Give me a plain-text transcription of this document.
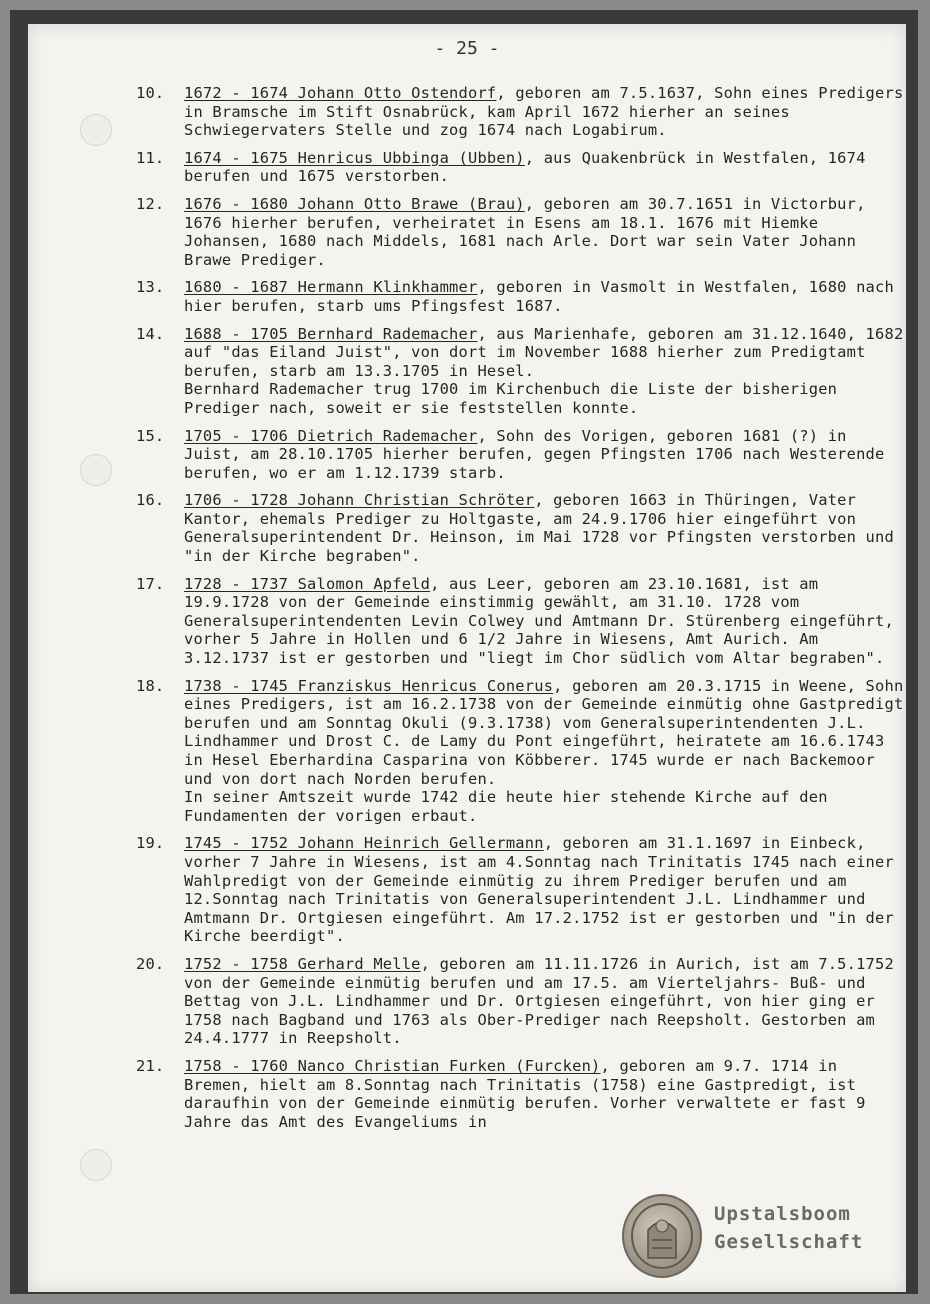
- 25 -
10. 1672 - 1674 Johann Otto Ostendorf, geboren am 7.5.1637, Sohn eines Predigers in Bramsche im Stift Osnabrück, kam April 1672 hierher an seines Schwiegervaters Stelle und zog 1674 nach Logabirum.

11. 1674 - 1675 Henricus Ubbinga (Ubben), aus Quakenbrück in Westfalen, 1674 berufen und 1675 verstorben.

12. 1676 - 1680 Johann Otto Brawe (Brau), geboren am 30.7.1651 in Victorbur, 1676 hierher berufen, verheiratet in Esens am 18.1. 1676 mit Hiemke Johansen, 1680 nach Middels, 1681 nach Arle. Dort war sein Vater Johann Brawe Prediger.

13. 1680 - 1687 Hermann Klinkhammer, geboren in Vasmolt in Westfalen, 1680 nach hier berufen, starb ums Pfingsfest 1687.

14. 1688 - 1705 Bernhard Rademacher, aus Marienhafe, geboren am 31.12.1640, 1682 auf "das Eiland Juist", von dort im November 1688 hierher zum Predigtamt berufen, starb am 13.3.1705 in Hesel.

Bernhard Rademacher trug 1700 im Kirchenbuch die Liste der bisherigen Prediger nach, soweit er sie feststellen konnte.

15. 1705 - 1706 Dietrich Rademacher, Sohn des Vorigen, geboren 1681 (?) in Juist, am 28.10.1705 hierher berufen, gegen Pfingsten 1706 nach Westerende berufen, wo er am 1.12.1739 starb.

16. 1706 - 1728 Johann Christian Schröter, geboren 1663 in Thüringen, Vater Kantor, ehemals Prediger zu Holtgaste, am 24.9.1706 hier eingeführt von Generalsuperintendent Dr. Heinson, im Mai 1728 vor Pfingsten verstorben und "in der Kirche begraben".

17. 1728 - 1737 Salomon Apfeld, aus Leer, geboren am 23.10.1681, ist am 19.9.1728 von der Gemeinde einstimmig gewählt, am 31.10. 1728 vom Generalsuperintendenten Levin Colwey und Amtmann Dr. Stürenberg eingeführt, vorher 5 Jahre in Hollen und 6 1/2 Jahre in Wiesens, Amt Aurich. Am 3.12.1737 ist er gestorben und "liegt im Chor südlich vom Altar begraben".

18. 1738 - 1745 Franziskus Henricus Conerus, geboren am 20.3.1715 in Weene, Sohn eines Predigers, ist am 16.2.1738 von der Gemeinde einmütig ohne Gastpredigt berufen und am Sonntag Okuli (9.3.1738) vom Generalsuperintendenten J.L. Lindhammer und Drost C. de Lamy du Pont eingeführt, heiratete am 16.6.1743 in Hesel Eberhardina Casparina von Köbberer. 1745 wurde er nach Backemoor und von dort nach Norden berufen.

In seiner Amtszeit wurde 1742 die heute hier stehende Kirche auf den Fundamenten der vorigen erbaut.

19. 1745 - 1752 Johann Heinrich Gellermann, geboren am 31.1.1697 in Einbeck, vorher 7 Jahre in Wiesens, ist am 4.Sonntag nach Trinitatis 1745 nach einer Wahlpredigt von der Gemeinde einmütig zu ihrem Prediger berufen und am 12.Sonntag nach Trinitatis von Generalsuperintendent J.L. Lindhammer und Amtmann Dr. Ortgiesen eingeführt. Am 17.2.1752 ist er gestorben und "in der Kirche beerdigt".

20. 1752 - 1758 Gerhard Melle, geboren am 11.11.1726 in Aurich, ist am 7.5.1752 von der Gemeinde einmütig berufen und am 17.5. am Vierteljahrs- Buß- und Bettag von J.L. Lindhammer und Dr. Ortgiesen eingeführt, von hier ging er 1758 nach Bagband und 1763 als Ober-Prediger nach Reepsholt. Gestorben am 24.4.1777 in Reepsholt.

21. 1758 - 1760 Nanco Christian Furken (Furcken), geboren am 9.7. 1714 in Bremen, hielt am 8.Sonntag nach Trinitatis (1758) eine Gastpredigt, ist daraufhin von der Gemeinde einmütig berufen. Vorher verwaltete er fast 9 Jahre das Amt des Evangeliums in

Upstalsboom
Gesellschaft
